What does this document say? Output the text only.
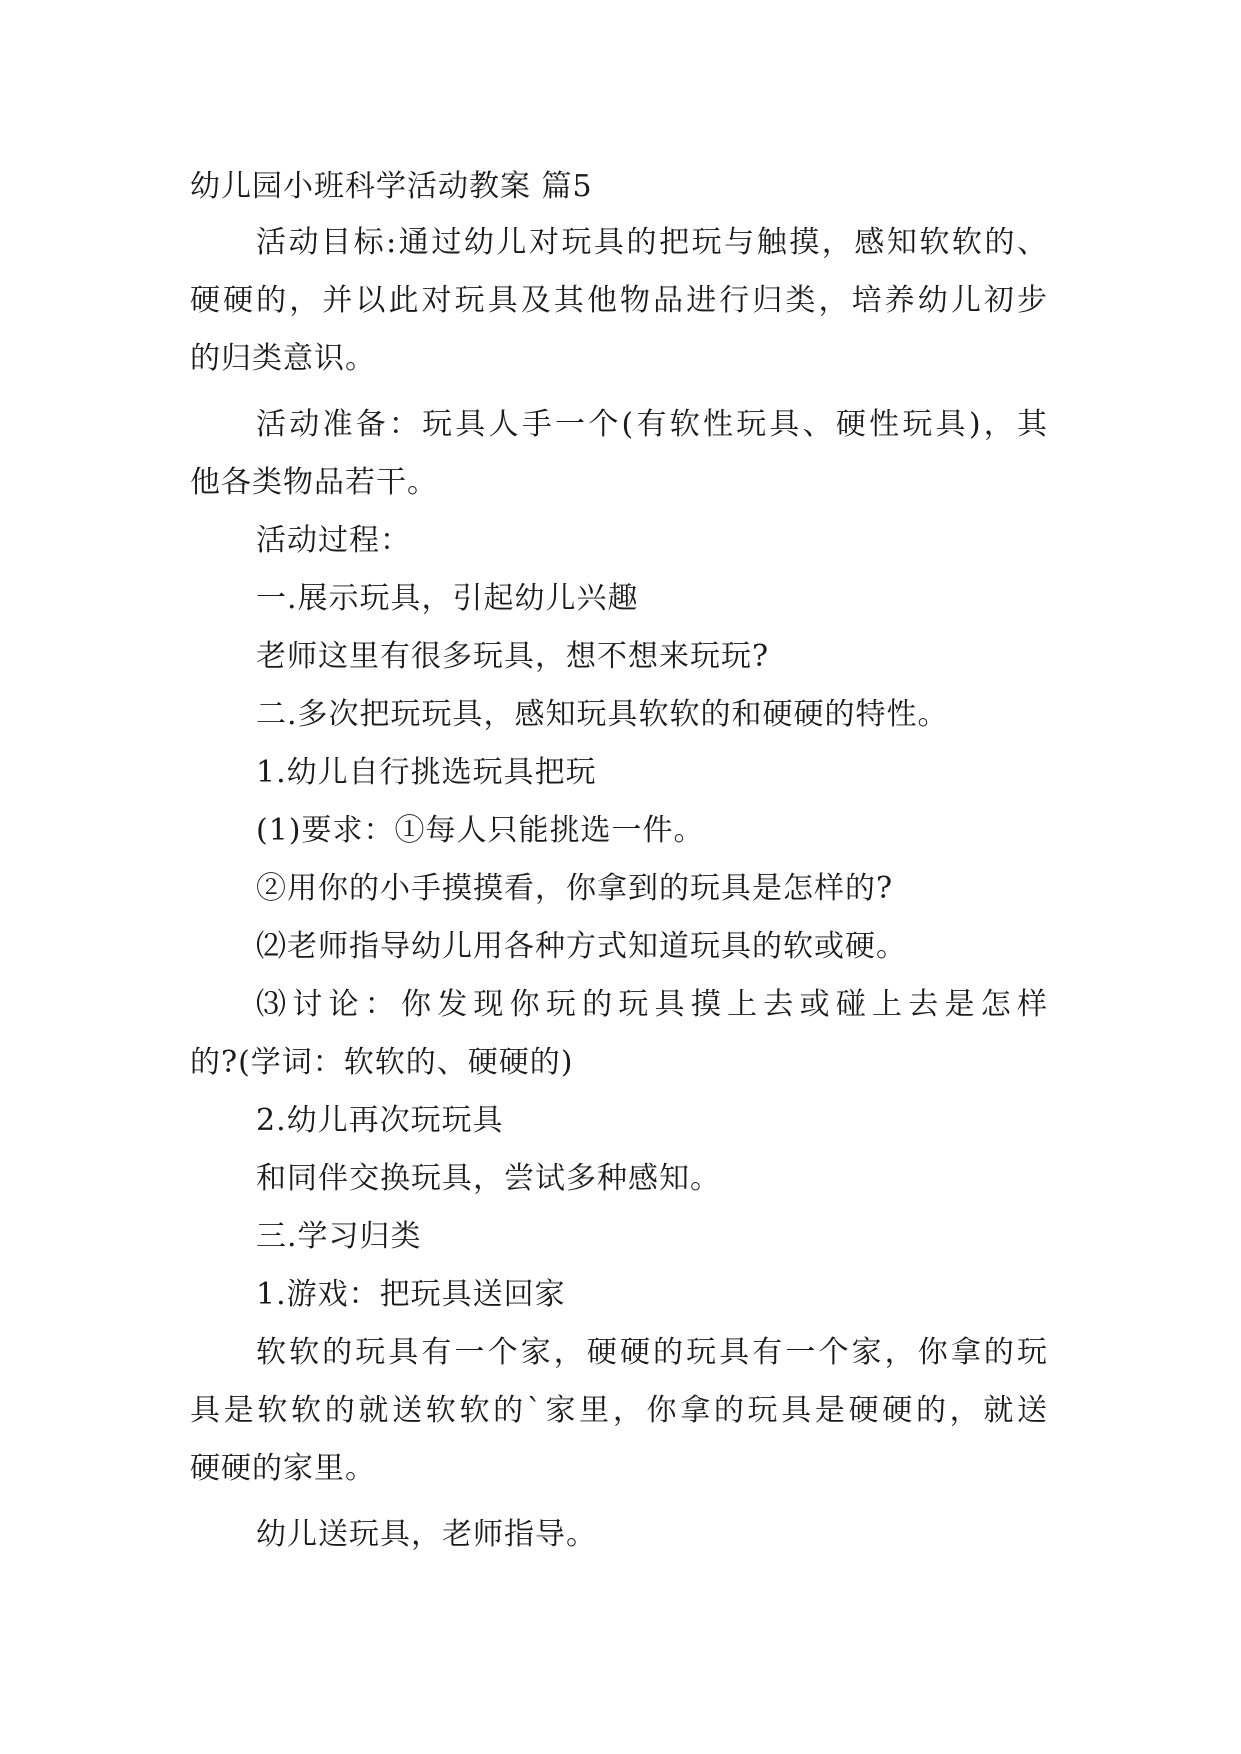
幼儿园小班科学活动教案 篇5
活动目标:通过幼儿对玩具的把玩与触摸，感知软软的、
硬硬的，并以此对玩具及其他物品进行归类，培养幼儿初步
的归类意识。
活动准备：玩具人手一个(有软性玩具、硬性玩具)，其
他各类物品若干。
活动过程：
一.展示玩具，引起幼儿兴趣
老师这里有很多玩具，想不想来玩玩?
二.多次把玩玩具，感知玩具软软的和硬硬的特性。
1.幼儿自行挑选玩具把玩
(1)要求：①每人只能挑选一件。
②用你的小手摸摸看，你拿到的玩具是怎样的?
⑵老师指导幼儿用各种方式知道玩具的软或硬。
⑶讨论：你发现你玩的玩具摸上去或碰上去是怎样
的?(学词：软软的、硬硬的)
2.幼儿再次玩玩具
和同伴交换玩具，尝试多种感知。
三.学习归类
1.游戏：把玩具送回家
软软的玩具有一个家，硬硬的玩具有一个家，你拿的玩
具是软软的就送软软的`家里，你拿的玩具是硬硬的，就送
硬硬的家里。
幼儿送玩具，老师指导。
